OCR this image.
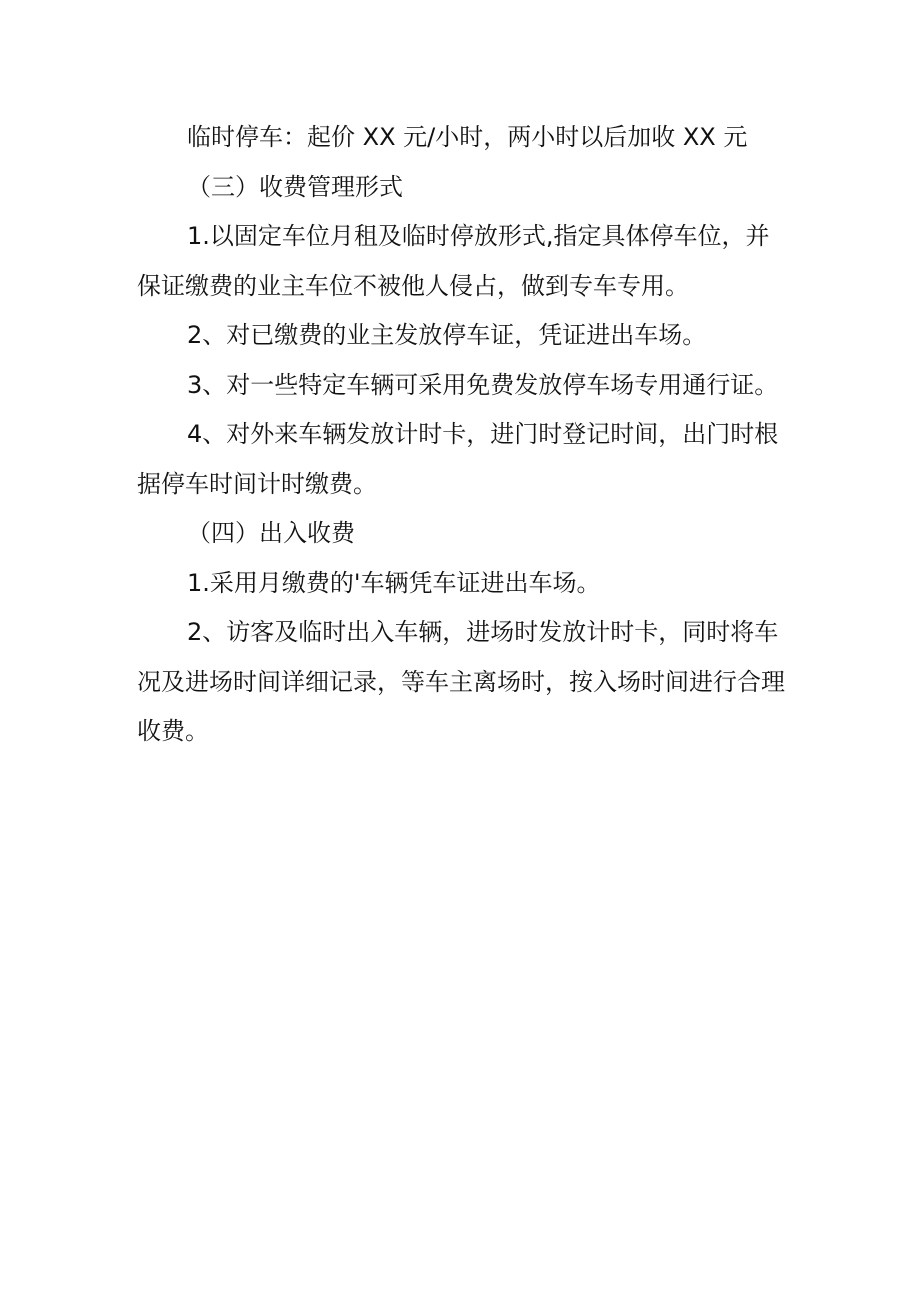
临时停车：起价 XX 元/小时，两小时以后加收 XX 元

（三）收费管理形式

1.以固定车位月租及临时停放形式,指定具体停车位，并保证缴费的业主车位不被他人侵占，做到专车专用。

2、对已缴费的业主发放停车证，凭证进出车场。

3、对一些特定车辆可采用免费发放停车场专用通行证。

4、对外来车辆发放计时卡，进门时登记时间，出门时根据停车时间计时缴费。

（四）出入收费

1.采用月缴费的'车辆凭车证进出车场。

2、访客及临时出入车辆，进场时发放计时卡，同时将车况及进场时间详细记录，等车主离场时，按入场时间进行合理收费。
